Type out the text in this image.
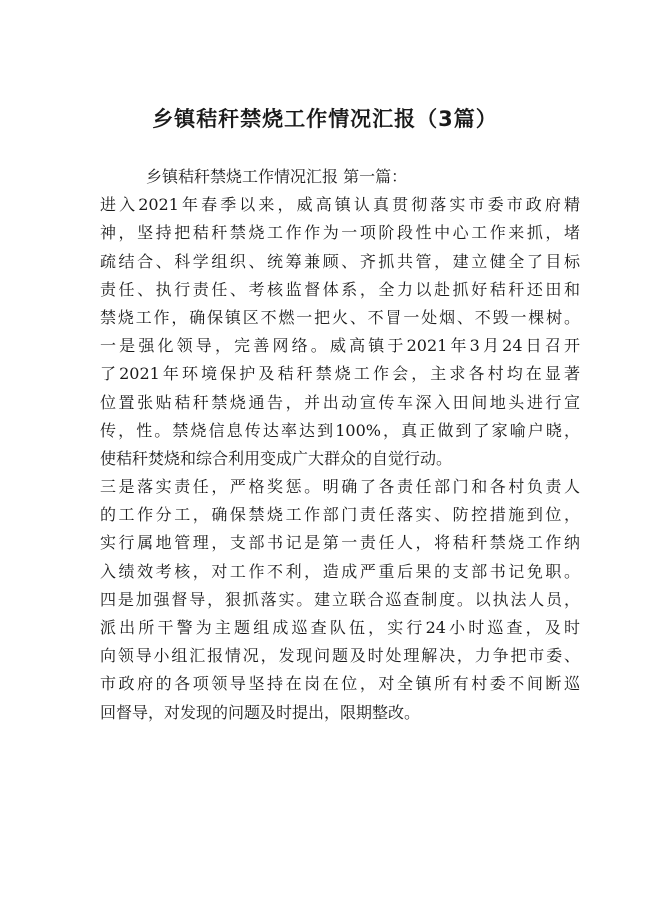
乡镇秸秆禁烧工作情况汇报（3篇）
乡镇秸秆禁烧工作情况汇报 第一篇：
进入2021年春季以来，威高镇认真贯彻落实市委市政府精
神，坚持把秸秆禁烧工作作为一项阶段性中心工作来抓，堵
疏结合、科学组织、统筹兼顾、齐抓共管，建立健全了目标
责任、执行责任、考核监督体系，全力以赴抓好秸秆还田和
禁烧工作，确保镇区不燃一把火、不冒一处烟、不毁一棵树。
一是强化领导，完善网络。威高镇于2021年3月24日召开
了2021年环境保护及秸秆禁烧工作会，主求各村均在显著
位置张贴秸秆禁烧通告，并出动宣传车深入田间地头进行宣
传，性。禁烧信息传达率达到100%，真正做到了家喻户晓，
使秸秆焚烧和综合利用变成广大群众的自觉行动。
三是落实责任，严格奖惩。明确了各责任部门和各村负责人
的工作分工，确保禁烧工作部门责任落实、防控措施到位，
实行属地管理，支部书记是第一责任人，将秸秆禁烧工作纳
入绩效考核，对工作不利，造成严重后果的支部书记免职。
四是加强督导，狠抓落实。建立联合巡查制度。以执法人员，
派出所干警为主题组成巡查队伍，实行24小时巡查，及时
向领导小组汇报情况，发现问题及时处理解决，力争把市委、
市政府的各项领导坚持在岗在位，对全镇所有村委不间断巡
回督导，对发现的问题及时提出，限期整改。
